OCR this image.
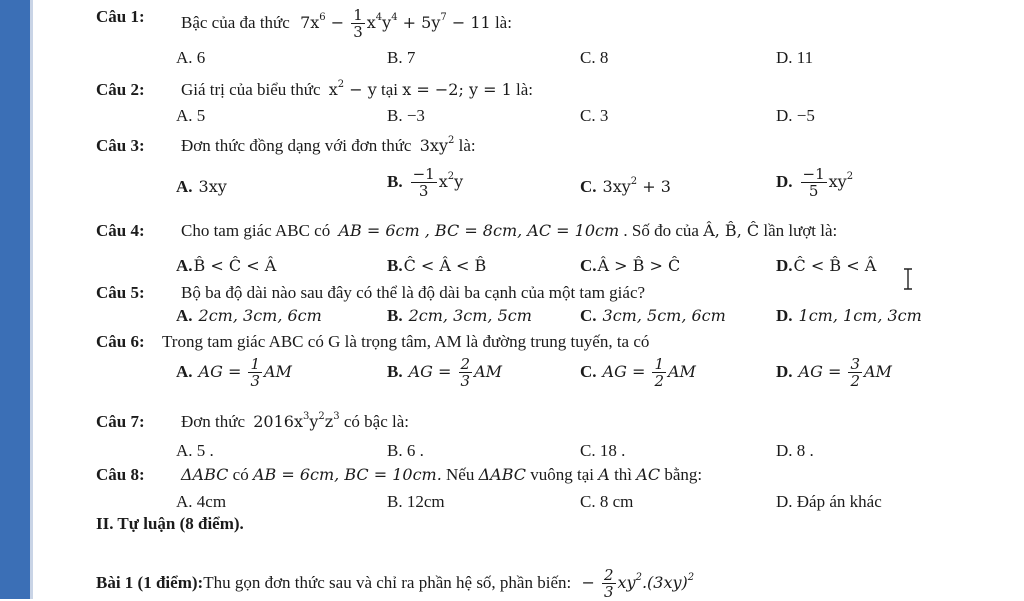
Câu 1: Bậc của đa thức $7x^6 - \frac{1}{3} x^4y^4 + 5y^7 - 11$ là:
A. 6	B. 7	C. 8	D. 11
Câu 2: Giá trị của biểu thức $x^2 - y$ tại x = −2; y = 1 là:
A. 5	B. −3	C. 3	D. −5
Câu 3: Đơn thức đồng dạng với đơn thức $3xy^2$ là:
A. 3xy	B. $\frac{-1}{3} x^2y$	C. $3xy^2 + 3$	D. $\frac{-1}{5} xy^2$
Câu 4: Cho tam giác ABC có AB = 6cm , BC = 8cm, AC = 10cm . Số đo của Â, B̂, Ĉ lần lượt là:
A.B̂ < Ĉ < Â	B.Ĉ < Â < B̂	C.Â > B̂ > Ĉ	D.Ĉ < B̂ < Â
Câu 5: Bộ ba độ dài nào sau đây có thể là độ dài ba cạnh của một tam giác?
A. 2cm, 3cm, 6cm	B. 2cm, 3cm, 5cm	C. 3cm, 5cm, 6cm	D. 1cm, 1cm, 3cm
Câu 6: Trong tam giác ABC có G là trọng tâm, AM là đường trung tuyến, ta có
A. AG = $\frac{1}{3}$ AM	B. AG = $\frac{2}{3}$ AM	C. AG = $\frac{1}{2}$ AM	D. AG = $\frac{3}{2}$ AM
Câu 7: Đơn thức $2016x^3y^2z^3$ có bậc là:
A. 5 .	B. 6 .	C. 18 .	D. 8 .
Câu 8: ΔABC có AB = 6cm, BC = 10cm. Nếu ΔABC vuông tại A thì AC bằng:
A. 4cm	B. 12cm	C. 8 cm	D. Đáp án khác
II. Tự luận (8 điểm).
Bài 1 (1 điểm):Thu gọn đơn thức sau và chỉ ra phần hệ số, phần biến: − $\frac{2}{3} xy^2.(3xy)^2$
